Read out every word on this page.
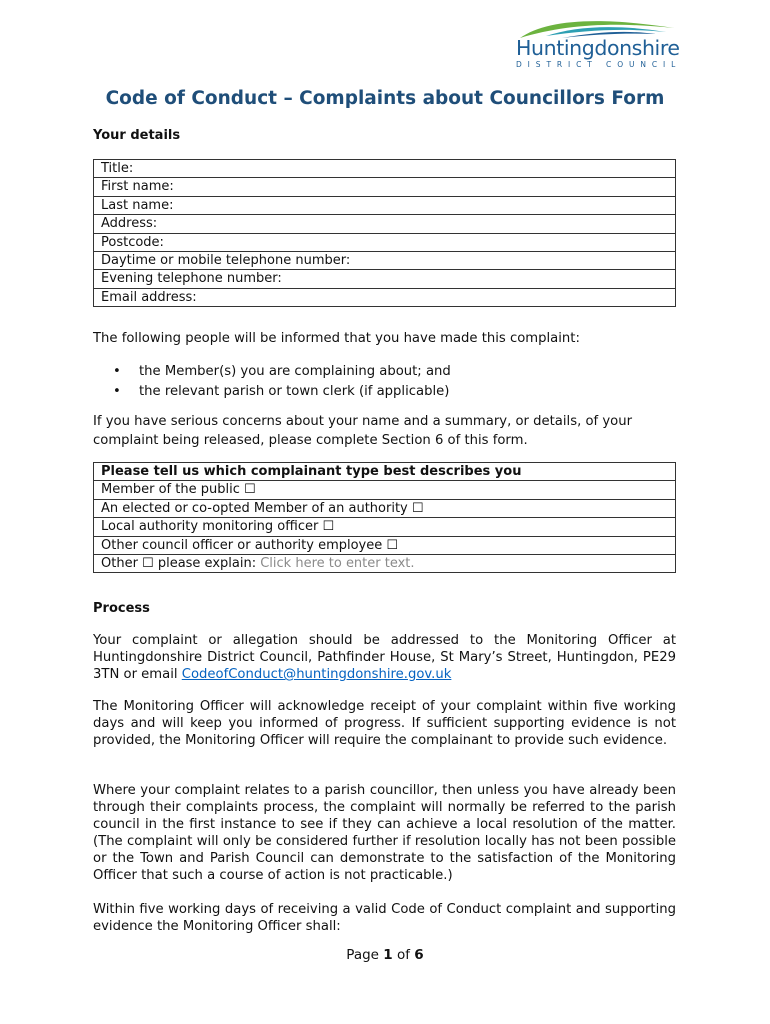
Huntingdonshire
DISTRICT COUNCIL
Code of Conduct – Complaints about Councillors Form
Your details
Title:
First name:
Last name:
Address:
Postcode:
Daytime or mobile telephone number:
Evening telephone number:
Email address:
The following people will be informed that you have made this complaint:
• the Member(s) you are complaining about; and
• the relevant parish or town clerk (if applicable)
If you have serious concerns about your name and a summary, or details, of your complaint being released, please complete Section 6 of this form.
Please tell us which complainant type best describes you
Member of the public ☐
An elected or co-opted Member of an authority ☐
Local authority monitoring officer ☐
Other council officer or authority employee ☐
Other ☐ please explain: Click here to enter text.
Process
Your complaint or allegation should be addressed to the Monitoring Officer at Huntingdonshire District Council, Pathfinder House, St Mary’s Street, Huntingdon, PE29 3TN or email CodeofConduct@huntingdonshire.gov.uk
The Monitoring Officer will acknowledge receipt of your complaint within five working days and will keep you informed of progress. If sufficient supporting evidence is not provided, the Monitoring Officer will require the complainant to provide such evidence.
Where your complaint relates to a parish councillor, then unless you have already been through their complaints process, the complaint will normally be referred to the parish council in the first instance to see if they can achieve a local resolution of the matter. (The complaint will only be considered further if resolution locally has not been possible or the Town and Parish Council can demonstrate to the satisfaction of the Monitoring Officer that such a course of action is not practicable.)
Within five working days of receiving a valid Code of Conduct complaint and supporting evidence the Monitoring Officer shall:
Page 1 of 6
